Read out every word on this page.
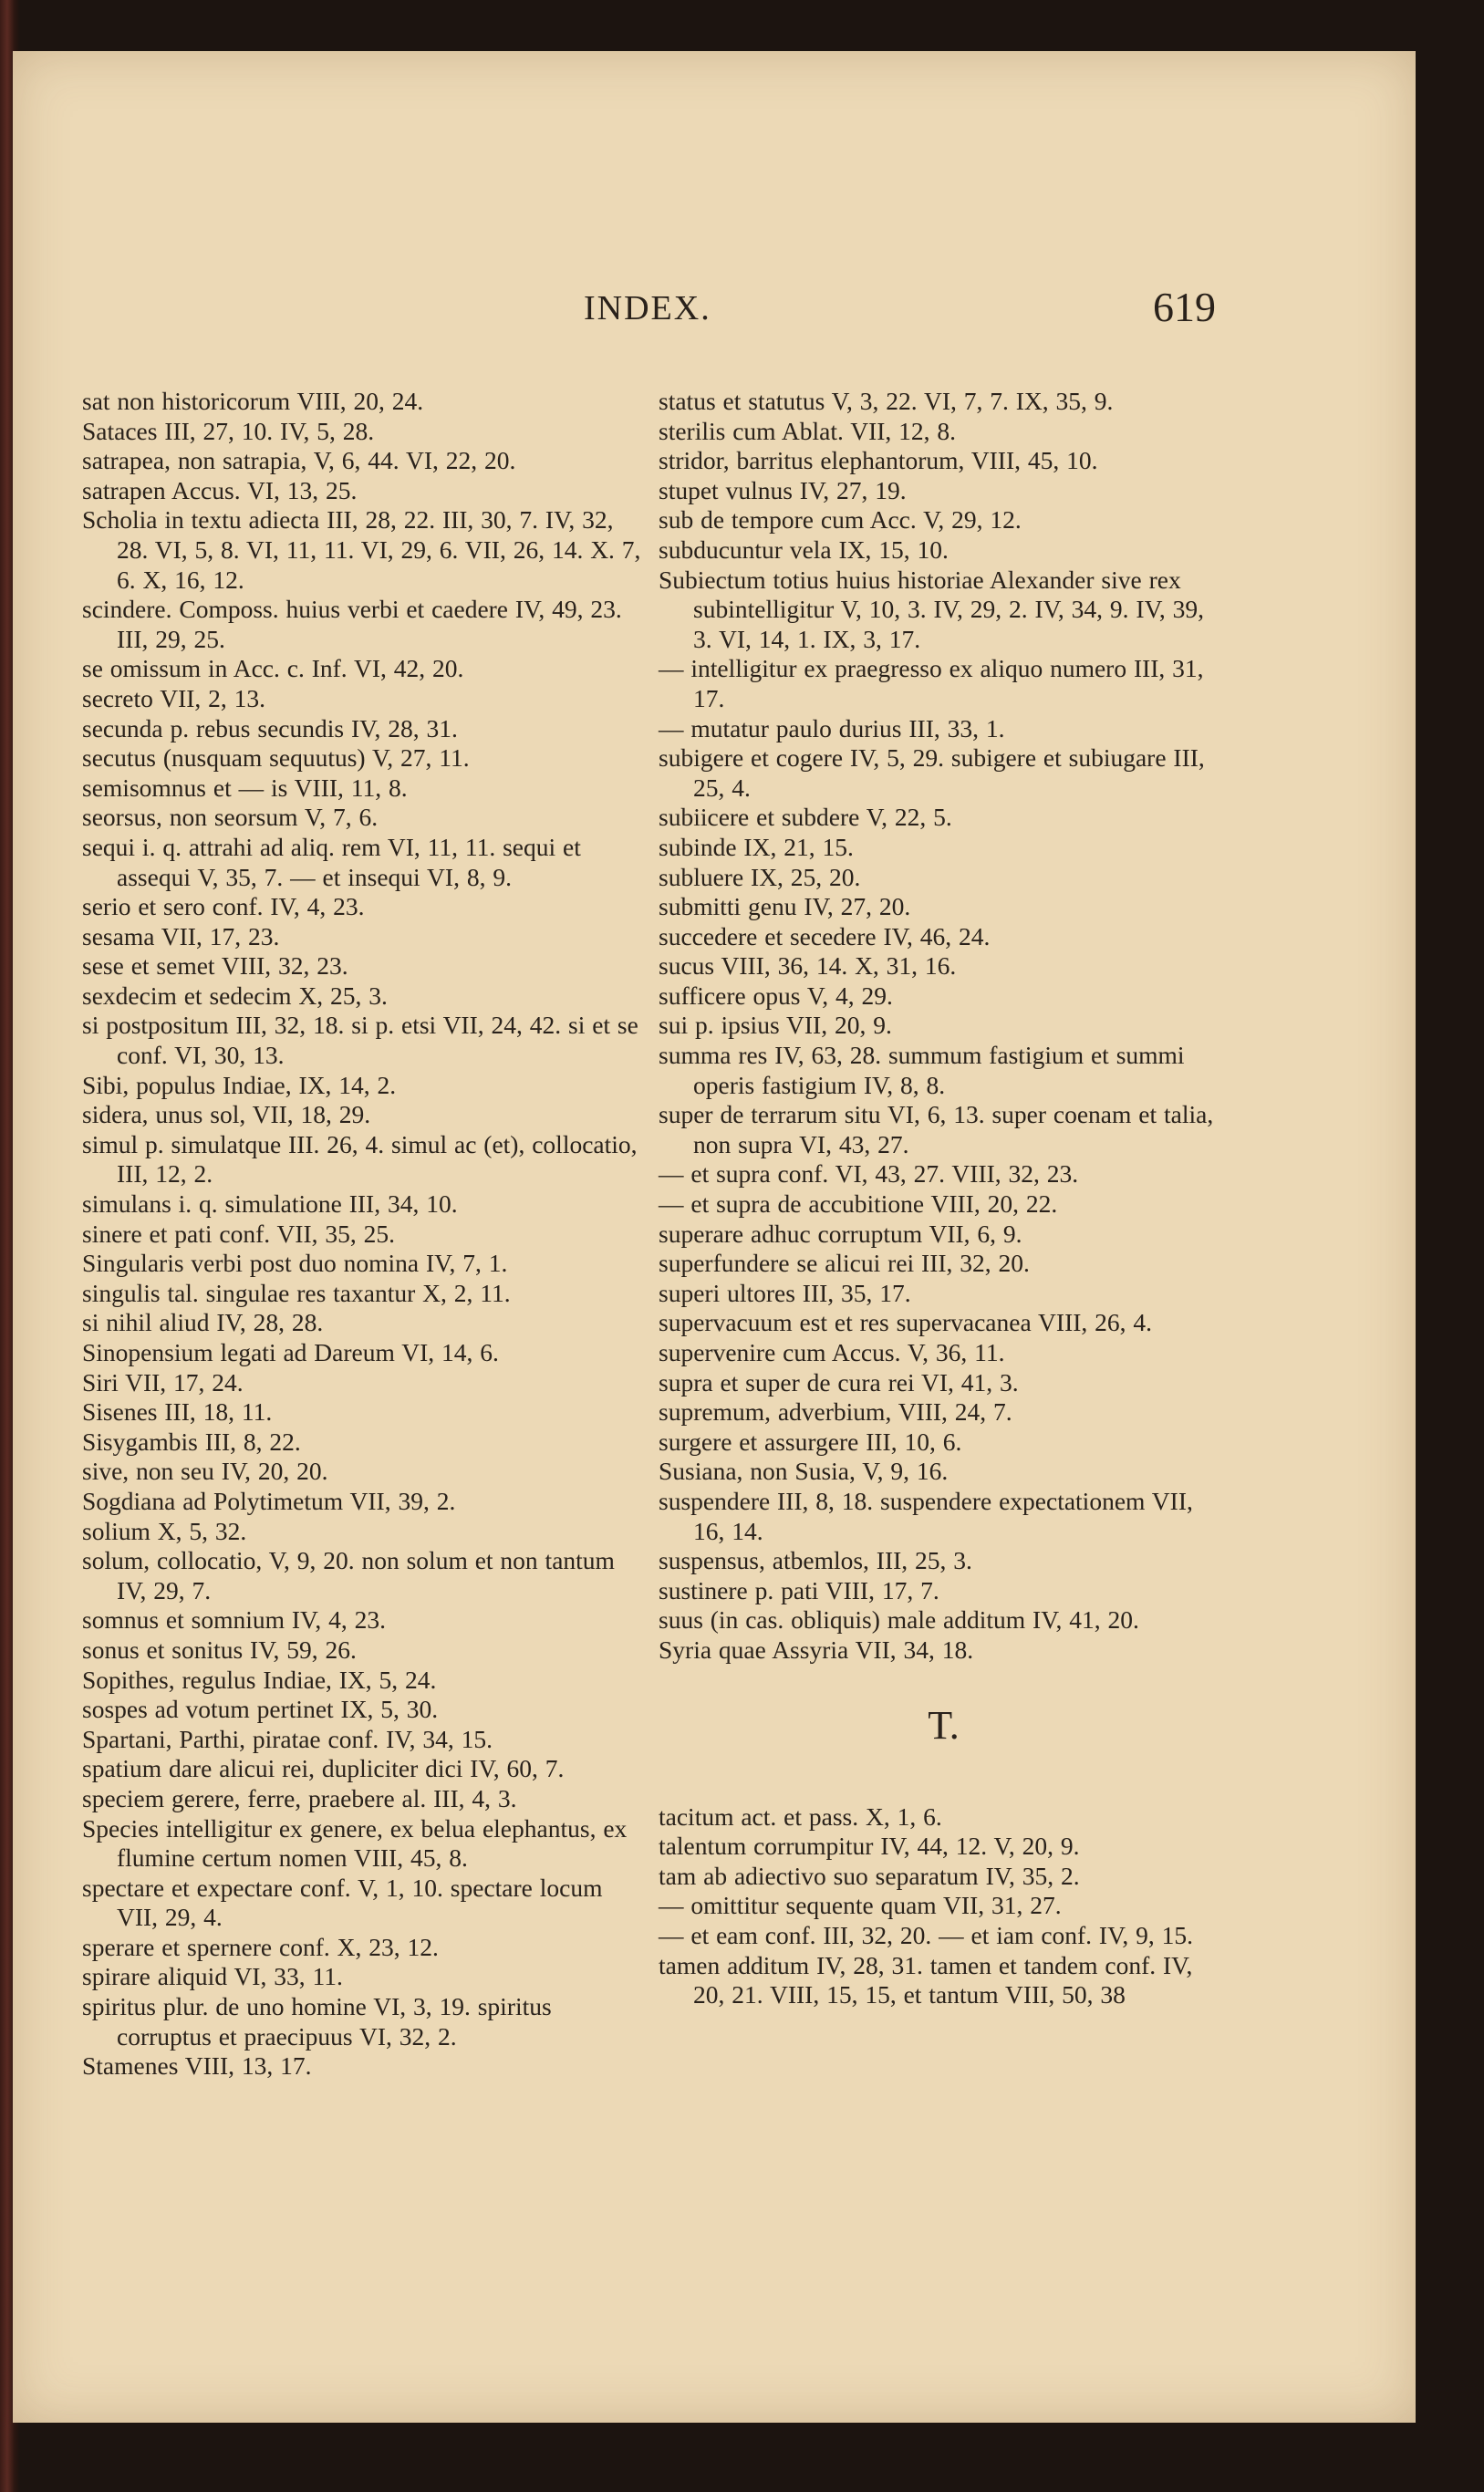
INDEX.	619
sat non historicorum VIII, 20, 24.
Sataces III, 27, 10. IV, 5, 28.
satrapea, non satrapia, V, 6, 44. VI, 22, 20.
satrapen Accus. VI, 13, 25.
Scholia in textu adiecta III, 28, 22. III, 30, 7. IV, 32, 28. VI, 5, 8. VI, 11, 11. VI, 29, 6. VII, 26, 14. X. 7, 6. X, 16, 12.
scindere. Composs. huius verbi et caedere IV, 49, 23. III, 29, 25.
se omissum in Acc. c. Inf. VI, 42, 20.
secreto VII, 2, 13.
secunda p. rebus secundis IV, 28, 31.
secutus (nusquam sequutus) V, 27, 11.
semisomnus et — is VIII, 11, 8.
seorsus, non seorsum V, 7, 6.
sequi i. q. attrahi ad aliq. rem VI, 11, 11. sequi et assequi V, 35, 7. — et insequi VI, 8, 9.
serio et sero conf. IV, 4, 23.
sesama VII, 17, 23.
sese et semet VIII, 32, 23.
sexdecim et sedecim X, 25, 3.
si postpositum III, 32, 18. si p. etsi VII, 24, 42. si et se conf. VI, 30, 13.
Sibi, populus Indiae, IX, 14, 2.
sidera, unus sol, VII, 18, 29.
simul p. simulatque III. 26, 4. simul ac (et), collocatio, III, 12, 2.
simulans i. q. simulatione III, 34, 10.
sinere et pati conf. VII, 35, 25.
Singularis verbi post duo nomina IV, 7, 1.
singulis tal. singulae res taxantur X, 2, 11.
si nihil aliud IV, 28, 28.
Sinopensium legati ad Dareum VI, 14, 6.
Siri VII, 17, 24.
Sisenes III, 18, 11.
Sisygambis III, 8, 22.
sive, non seu IV, 20, 20.
Sogdiana ad Polytimetum VII, 39, 2.
solium X, 5, 32.
solum, collocatio, V, 9, 20. non solum et non tantum IV, 29, 7.
somnus et somnium IV, 4, 23.
sonus et sonitus IV, 59, 26.
Sopithes, regulus Indiae, IX, 5, 24.
sospes ad votum pertinet IX, 5, 30.
Spartani, Parthi, piratae conf. IV, 34, 15.
spatium dare alicui rei, dupliciter dici IV, 60, 7.
speciem gerere, ferre, praebere al. III, 4, 3.
Species intelligitur ex genere, ex belua elephantus, ex flumine certum nomen VIII, 45, 8.
spectare et expectare conf. V, 1, 10. spectare locum VII, 29, 4.
sperare et spernere conf. X, 23, 12.
spirare aliquid VI, 33, 11.
spiritus plur. de uno homine VI, 3, 19. spiritus corruptus et praecipuus VI, 32, 2.
Stamenes VIII, 13, 17.
status et statutus V, 3, 22. VI, 7, 7. IX, 35, 9.
sterilis cum Ablat. VII, 12, 8.
stridor, barritus elephantorum, VIII, 45, 10.
stupet vulnus IV, 27, 19.
sub de tempore cum Acc. V, 29, 12.
subducuntur vela IX, 15, 10.
Subiectum totius huius historiae Alexander sive rex subintelligitur V, 10, 3. IV, 29, 2. IV, 34, 9. IV, 39, 3. VI, 14, 1. IX, 3, 17.
— intelligitur ex praegresso ex aliquo numero III, 31, 17.
— mutatur paulo durius III, 33, 1.
subigere et cogere IV, 5, 29. subigere et subiugare III, 25, 4.
subiicere et subdere V, 22, 5.
subinde IX, 21, 15.
subluere IX, 25, 20.
submitti genu IV, 27, 20.
succedere et secedere IV, 46, 24.
sucus VIII, 36, 14. X, 31, 16.
sufficere opus V, 4, 29.
sui p. ipsius VII, 20, 9.
summa res IV, 63, 28. summum fastigium et summi operis fastigium IV, 8, 8.
super de terrarum situ VI, 6, 13. super coenam et talia, non supra VI, 43, 27.
— et supra conf. VI, 43, 27. VIII, 32, 23.
— et supra de accubitione VIII, 20, 22.
superare adhuc corruptum VII, 6, 9.
superfundere se alicui rei III, 32, 20.
superi ultores III, 35, 17.
supervacuum est et res supervacanea VIII, 26, 4.
supervenire cum Accus. V, 36, 11.
supra et super de cura rei VI, 41, 3.
supremum, adverbium, VIII, 24, 7.
surgere et assurgere III, 10, 6.
Susiana, non Susia, V, 9, 16.
suspendere III, 8, 18. suspendere expectationem VII, 16, 14.
suspensus, atbemlos, III, 25, 3.
sustinere p. pati VIII, 17, 7.
suus (in cas. obliquis) male additum IV, 41, 20.
Syria quae Assyria VII, 34, 18.
T.
tacitum act. et pass. X, 1, 6.
talentum corrumpitur IV, 44, 12. V, 20, 9.
tam ab adiectivo suo separatum IV, 35, 2.
— omittitur sequente quam VII, 31, 27.
— et eam conf. III, 32, 20. — et iam conf. IV, 9, 15.
tamen additum IV, 28, 31. tamen et tandem conf. IV, 20, 21. VIII, 15, 15, et tantum VIII, 50, 38
